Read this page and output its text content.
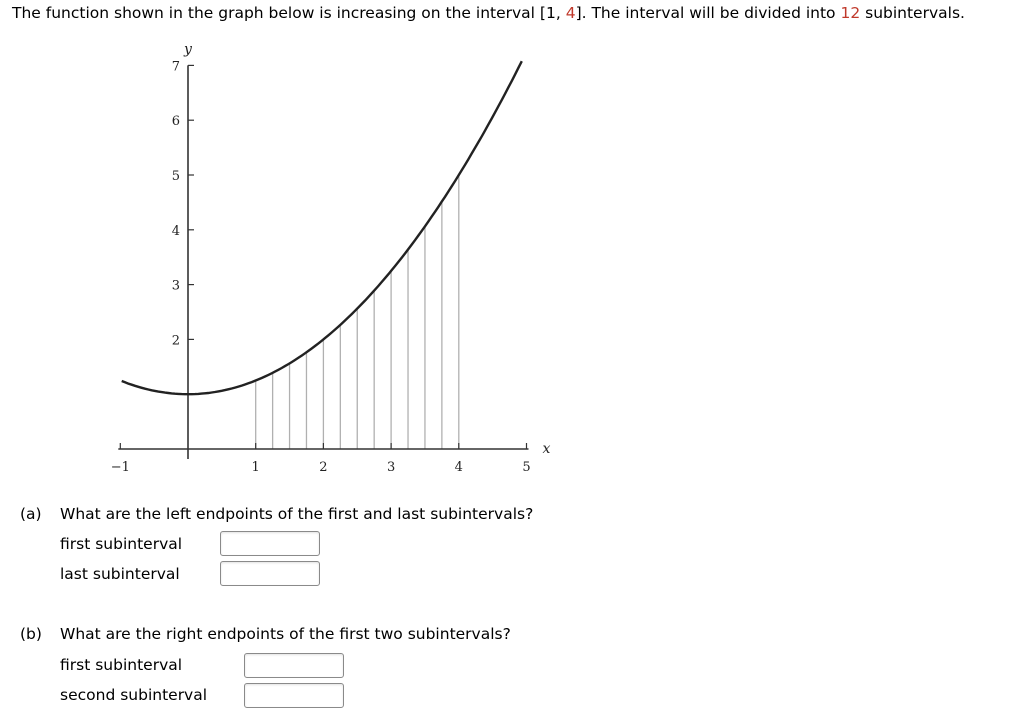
The function shown in the graph below is increasing on the interval [1, 4]. The interval will be divided into 12 subintervals.
−1	1	2	3	4	5
2
3
4
5
6
7
x
y
(a) What are the left endpoints of the first and last subintervals?
first subinterval
last subinterval
(b) What are the right endpoints of the first two subintervals?
first subinterval
second subinterval
